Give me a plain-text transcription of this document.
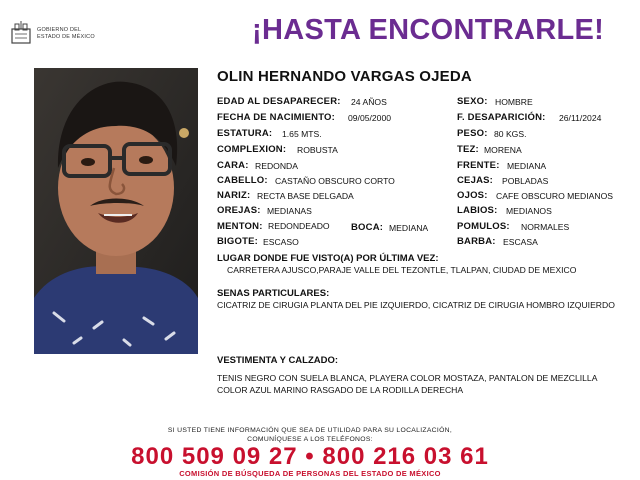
GOBIERNO DEL
ESTADO DE MÉXICO	¡HASTA ENCONTRARLE!
OLIN HERNANDO VARGAS OJEDA
EDAD AL DESAPARECER: 24 AÑOS
FECHA DE NACIMIENTO: 09/05/2000
ESTATURA: 1.65 MTS.
COMPLEXION: ROBUSTA
CARA: REDONDA
CABELLO: CASTAÑO OBSCURO CORTO
NARIZ: RECTA BASE DELGADA
OREJAS: MEDIANAS
MENTON: REDONDEADO BOCA: MEDIANA
BIGOTE: ESCASO
SEXO: HOMBRE
F. DESAPARICIÓN: 26/11/2024
PESO: 80 KGS.
TEZ: MORENA
FRENTE: MEDIANA
CEJAS: POBLADAS
OJOS: CAFE OBSCURO MEDIANOS
LABIOS: MEDIANOS
POMULOS: NORMALES
BARBA: ESCASA
LUGAR DONDE FUE VISTO(A) POR ÚLTIMA VEZ:
CARRETERA AJUSCO,PARAJE VALLE DEL TEZONTLE, TLALPAN, CIUDAD DE MEXICO
SENAS PARTICULARES:
CICATRIZ DE CIRUGIA PLANTA DEL PIE IZQUIERDO, CICATRIZ DE CIRUGIA HOMBRO IZQUIERDO
VESTIMENTA Y CALZADO:
TENIS NEGRO CON SUELA BLANCA, PLAYERA COLOR MOSTAZA, PANTALON DE MEZCLILLA COLOR AZUL MARINO RASGADO DE LA RODILLA DERECHA
SI USTED TIENE INFORMACIÓN QUE SEA DE UTILIDAD PARA SU LOCALIZACIÓN,
COMUNÍQUESE A LOS TELÉFONOS:
800 509 09 27 • 800 216 03 61
COMISIÓN DE BÚSQUEDA DE PERSONAS DEL ESTADO DE MÉXICO
